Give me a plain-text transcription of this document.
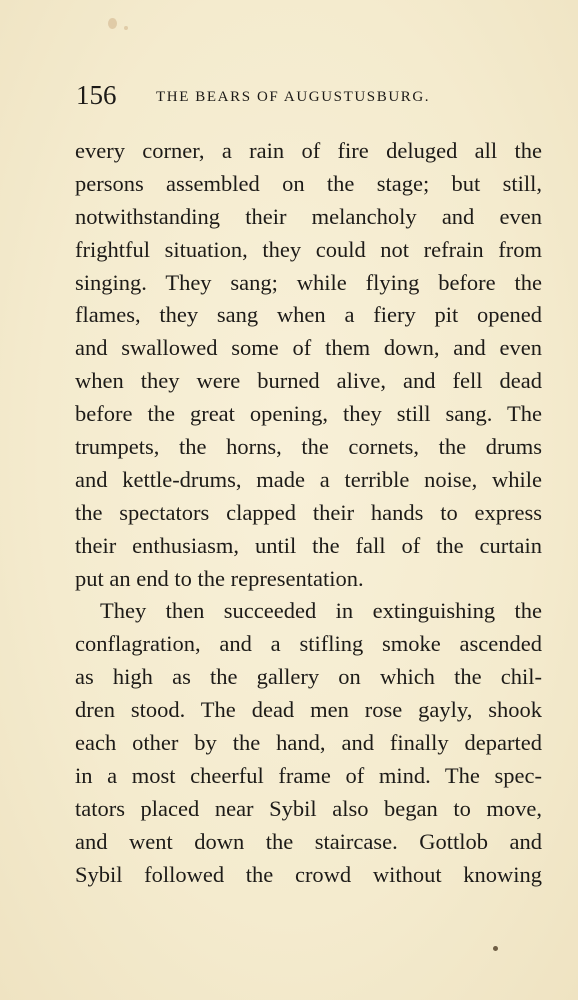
156	THE BEARS OF AUGUSTUSBURG.
every corner, a rain of fire deluged all the
persons assembled on the stage; but still,
notwithstanding their melancholy and even
frightful situation, they could not refrain from
singing. They sang; while flying before the
flames, they sang when a fiery pit opened
and swallowed some of them down, and even
when they were burned alive, and fell dead
before the great opening, they still sang. The
trumpets, the horns, the cornets, the drums
and kettle-drums, made a terrible noise, while
the spectators clapped their hands to express
their enthusiasm, until the fall of the curtain
put an end to the representation.
They then succeeded in extinguishing the
conflagration, and a stifling smoke ascended
as high as the gallery on which the chil-
dren stood. The dead men rose gayly, shook
each other by the hand, and finally departed
in a most cheerful frame of mind. The spec-
tators placed near Sybil also began to move,
and went down the staircase. Gottlob and
Sybil followed the crowd without knowing
